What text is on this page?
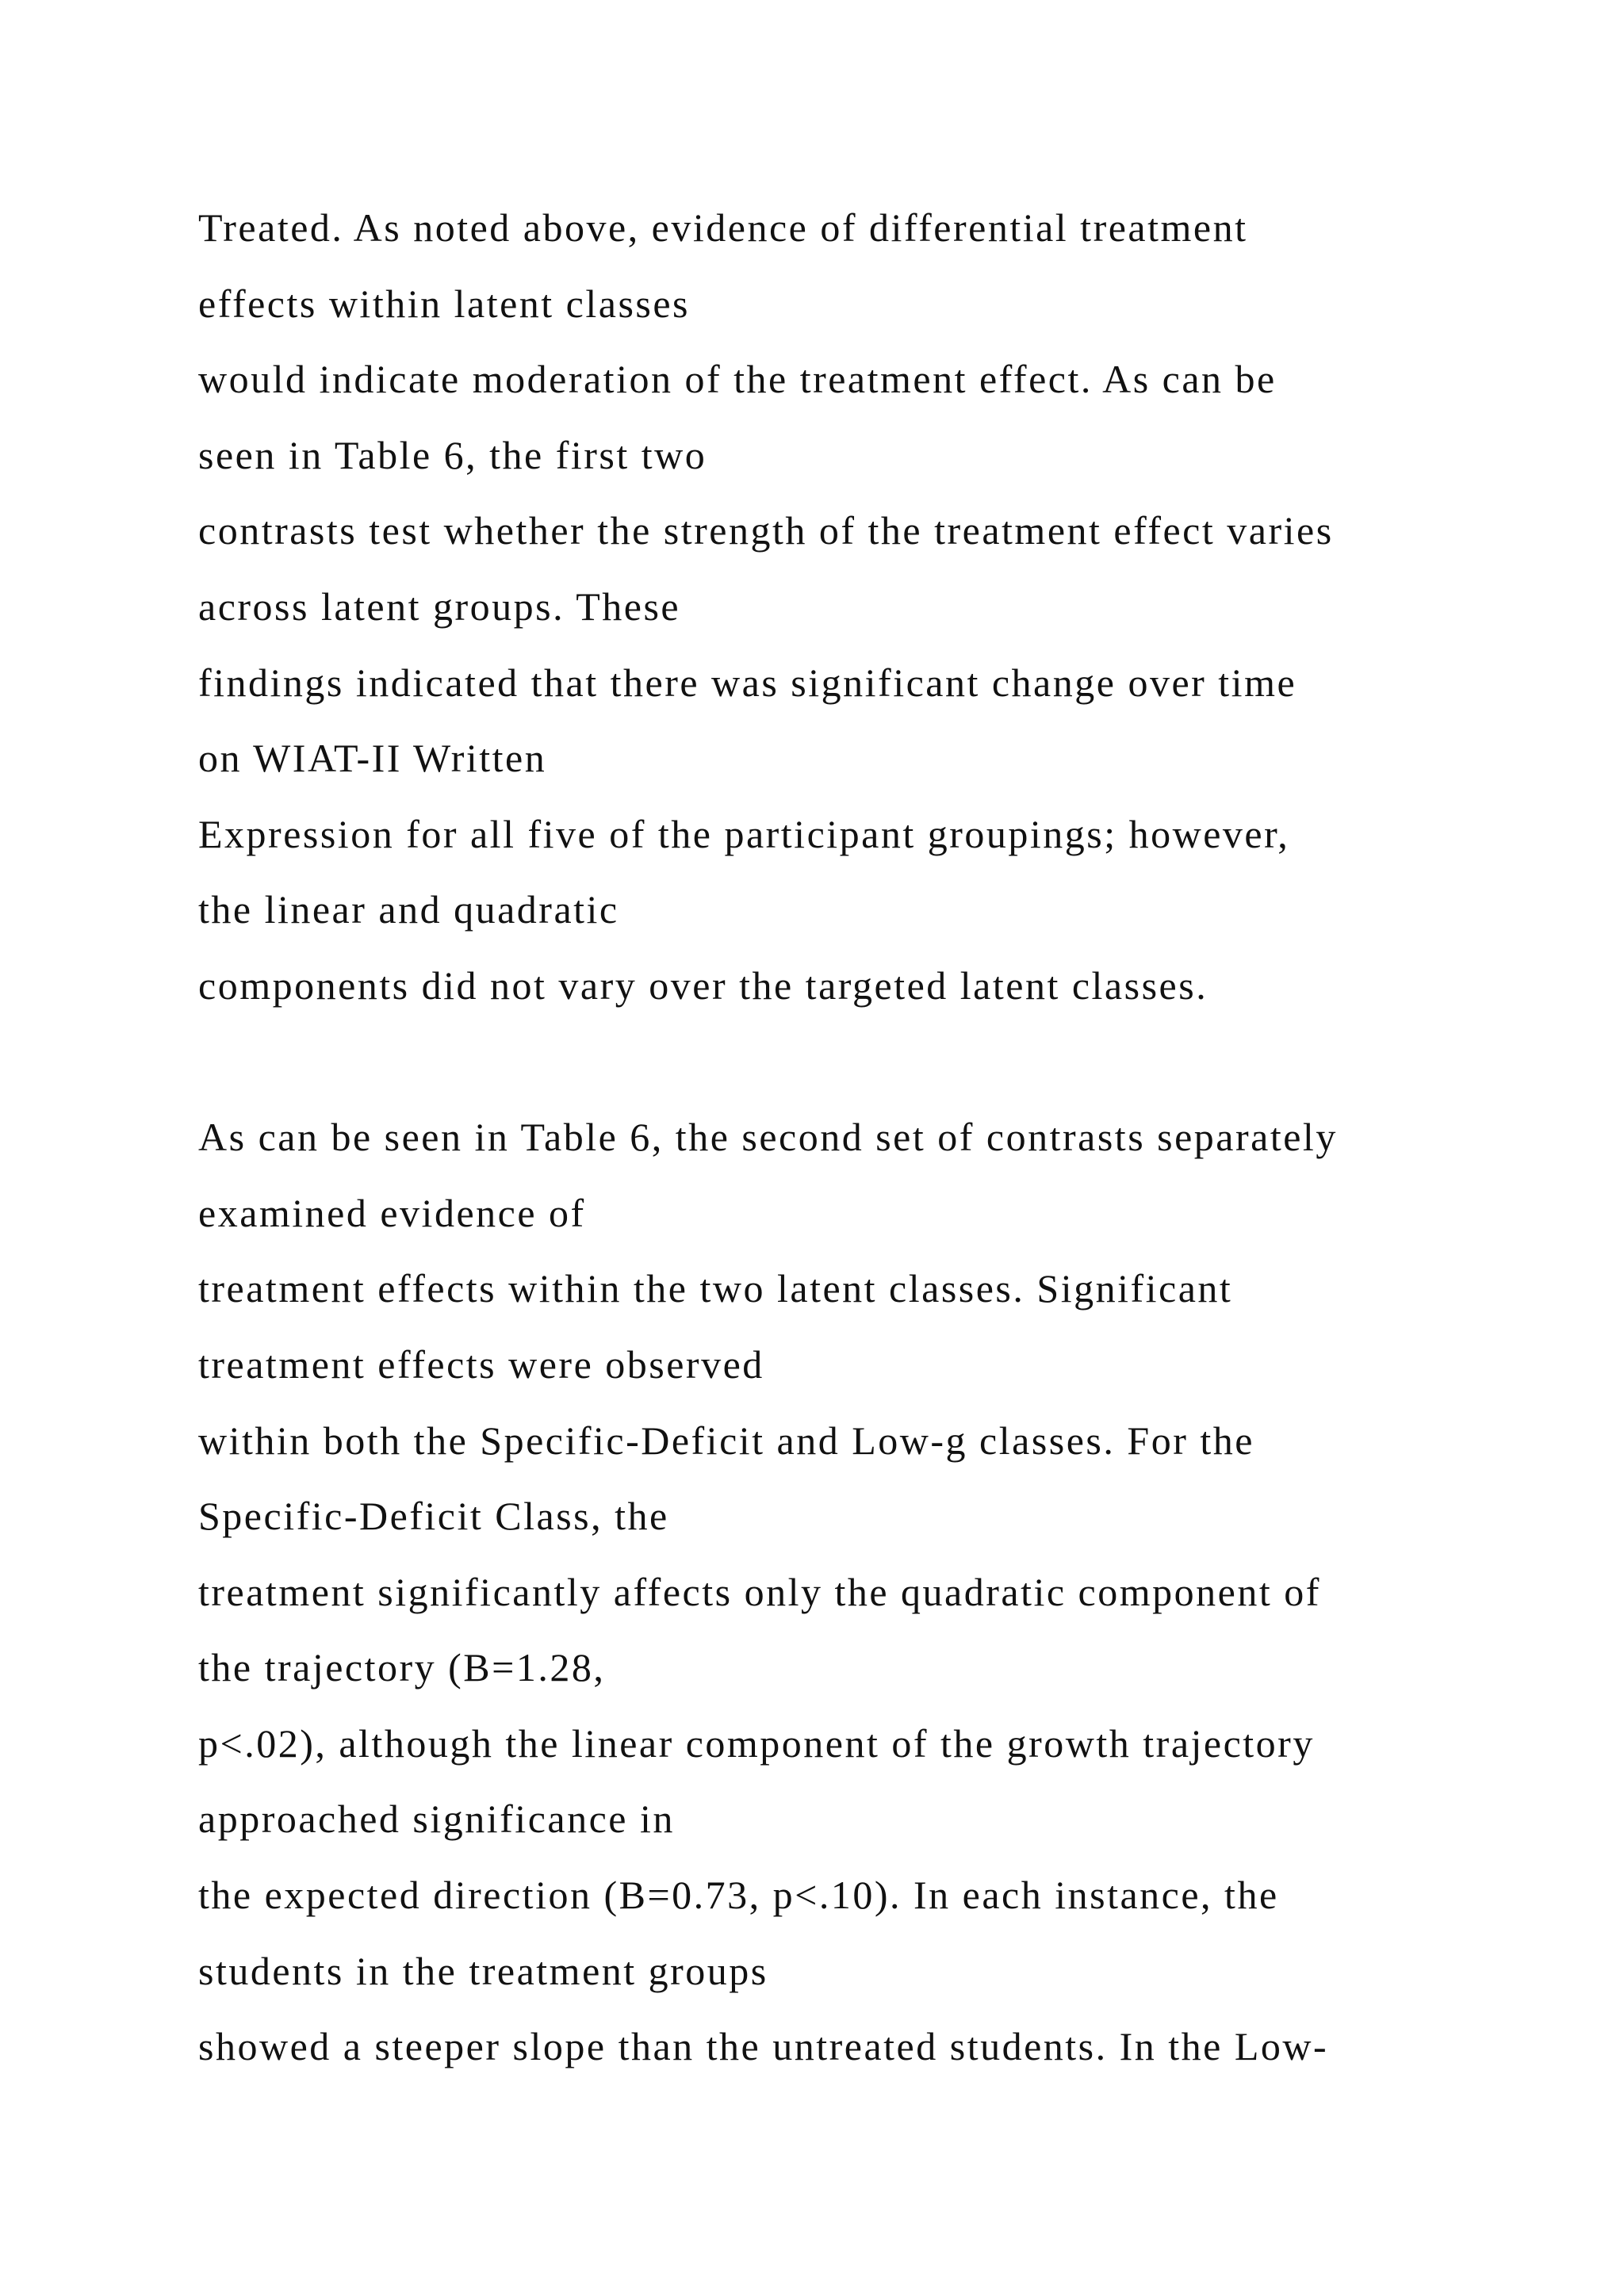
Treated. As noted above, evidence of differential treatment
effects within latent classes
would indicate moderation of the treatment effect. As can be
seen in Table 6, the first two
contrasts test whether the strength of the treatment effect varies
across latent groups. These
findings indicated that there was significant change over time
on WIAT-II Written
Expression for all five of the participant groupings; however,
the linear and quadratic
components did not vary over the targeted latent classes.
As can be seen in Table 6, the second set of contrasts separately
examined evidence of
treatment effects within the two latent classes. Significant
treatment effects were observed
within both the Specific-Deficit and Low-g classes. For the
Specific-Deficit Class, the
treatment significantly affects only the quadratic component of
the trajectory (B=1.28,
p<.02), although the linear component of the growth trajectory
approached significance in
the expected direction (B=0.73, p<.10). In each instance, the
students in the treatment groups
showed a steeper slope than the untreated students. In the Low-
